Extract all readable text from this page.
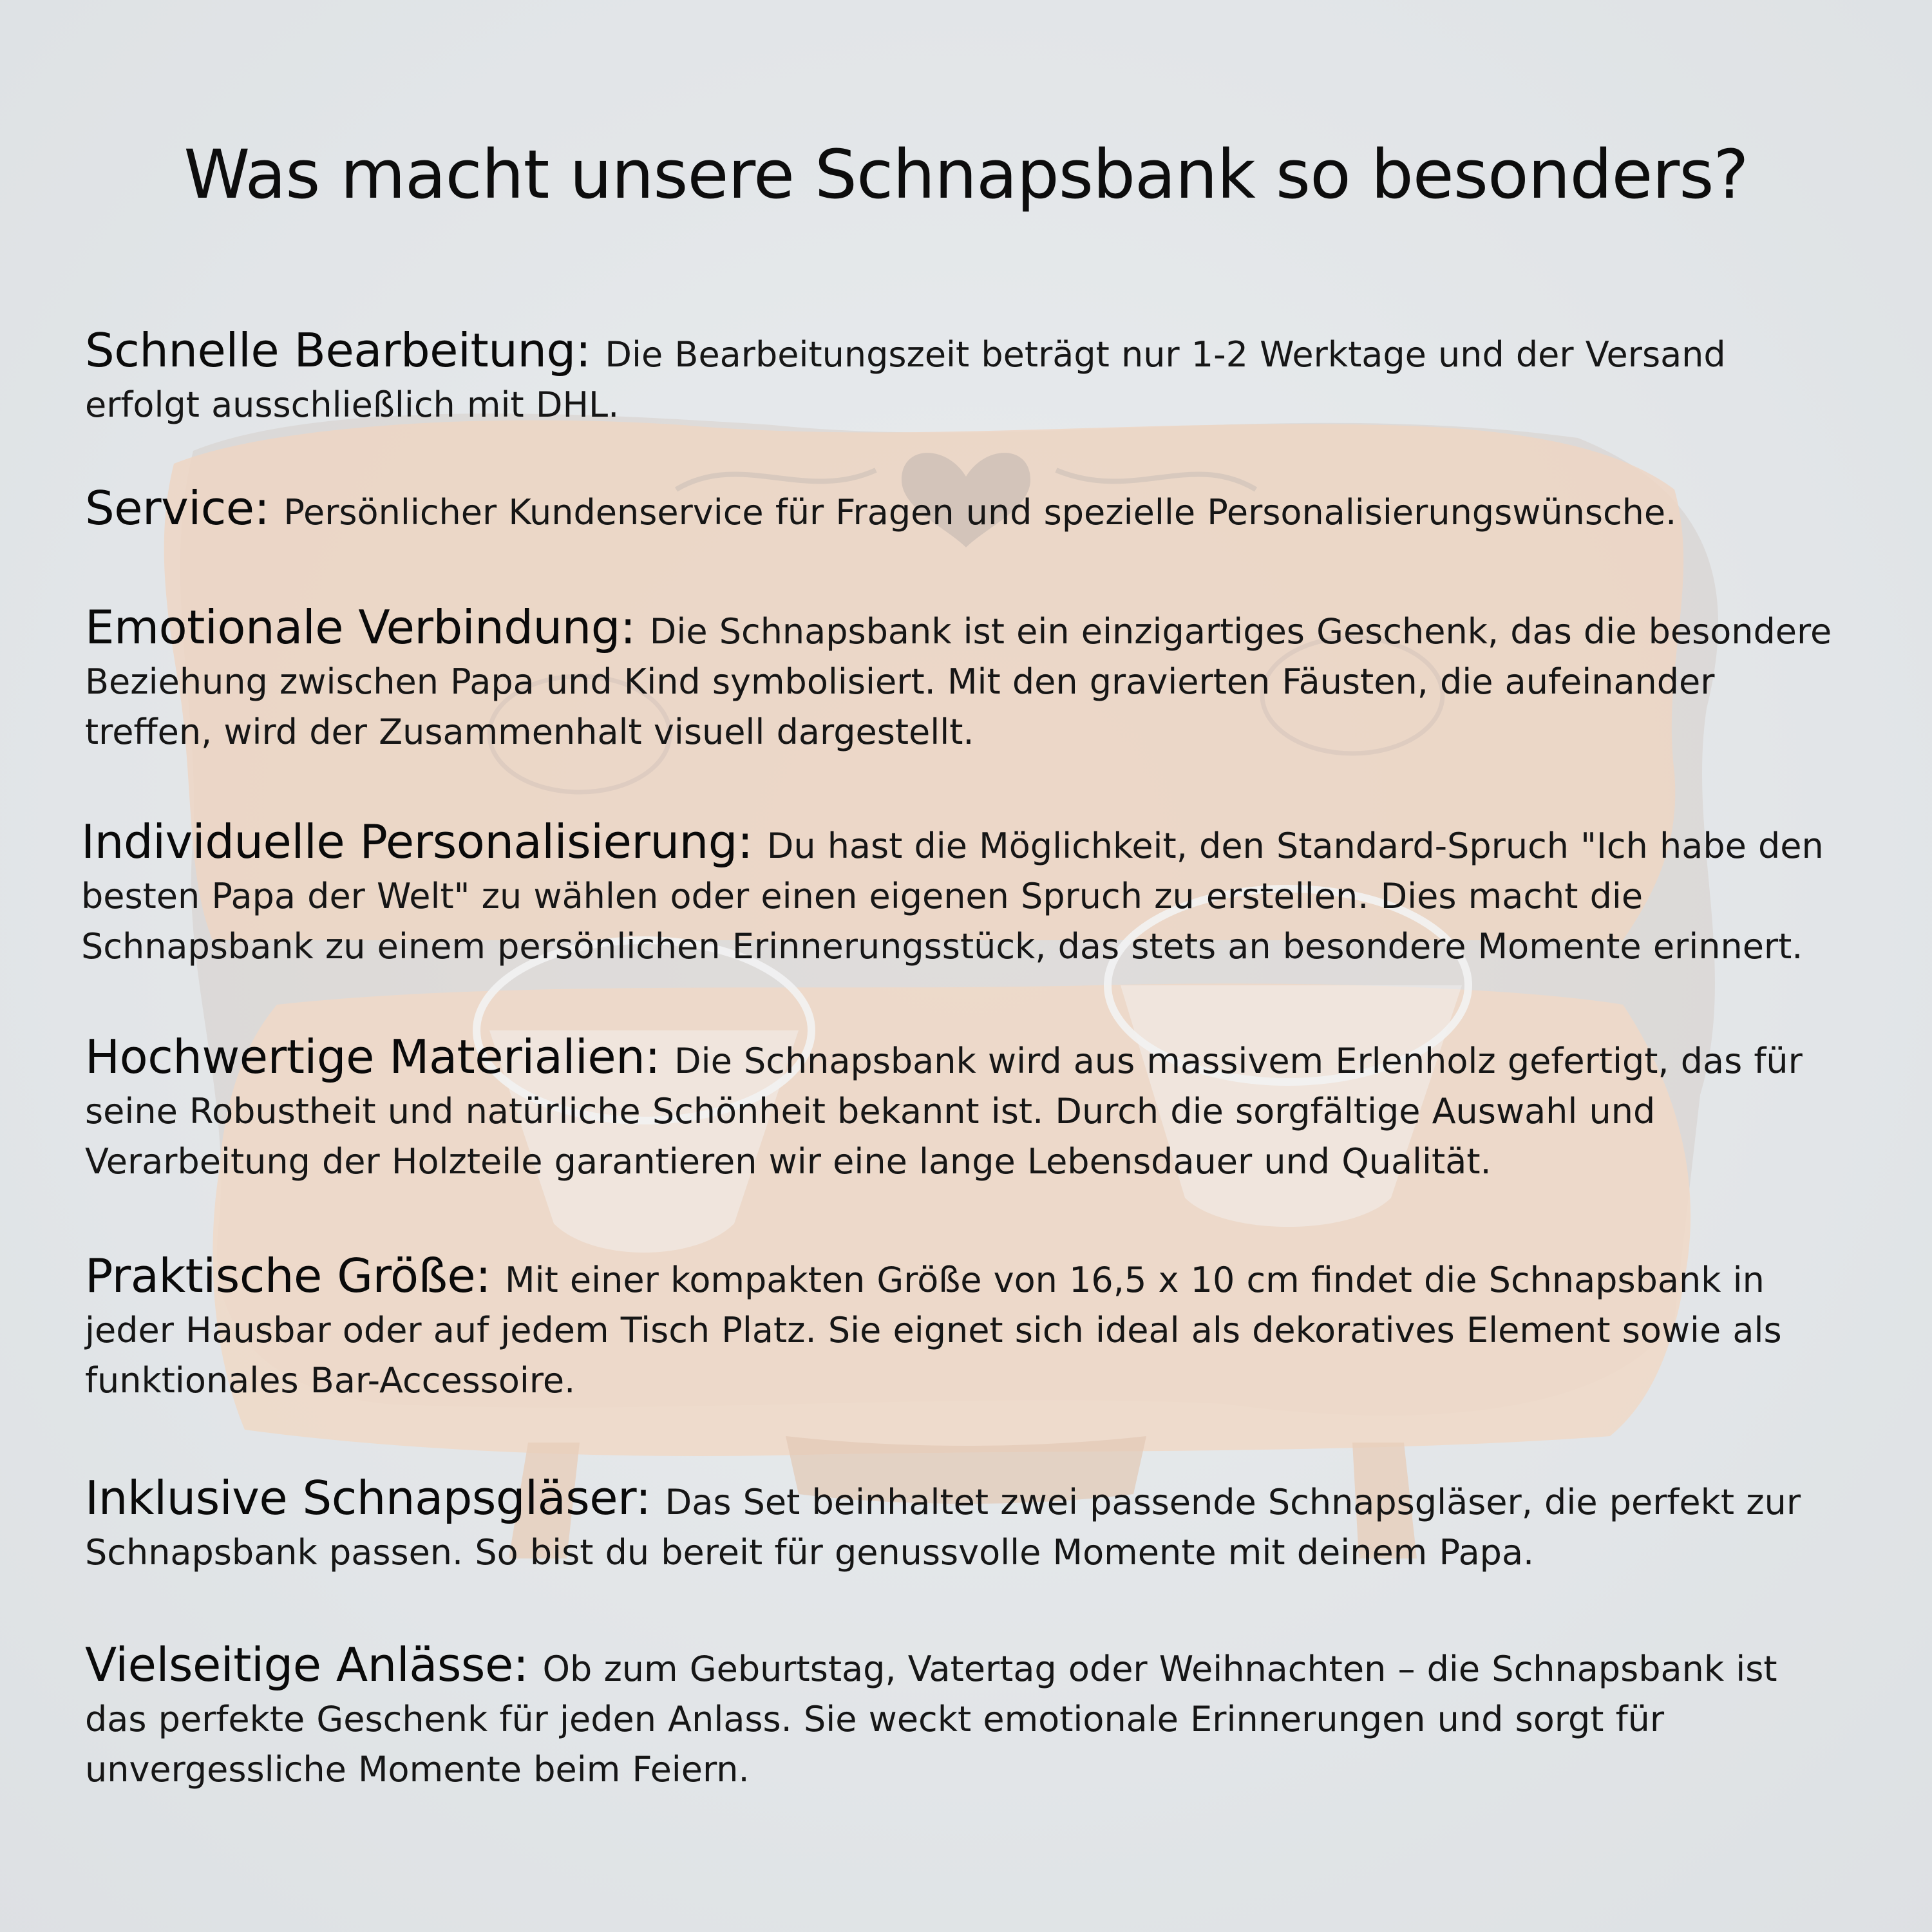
Was macht unsere Schnapsbank so besonders?

Schnelle Bearbeitung: Die Bearbeitungszeit beträgt nur 1-2 Werktage und der Versand erfolgt ausschließlich mit DHL.

Service: Persönlicher Kundenservice für Fragen und spezielle Personalisierungswünsche.

Emotionale Verbindung: Die Schnapsbank ist ein einzigartiges Geschenk, das die besondere Beziehung zwischen Papa und Kind symbolisiert. Mit den gravierten Fäusten, die aufeinander treffen, wird der Zusammenhalt visuell dargestellt.

Individuelle Personalisierung: Du hast die Möglichkeit, den Standard-Spruch "Ich habe den besten Papa der Welt" zu wählen oder einen eigenen Spruch zu erstellen. Dies macht die Schnapsbank zu einem persönlichen Erinnerungsstück, das stets an besondere Momente erinnert.

Hochwertige Materialien: Die Schnapsbank wird aus massivem Erlenholz gefertigt, das für seine Robustheit und natürliche Schönheit bekannt ist. Durch die sorgfältige Auswahl und Verarbeitung der Holzteile garantieren wir eine lange Lebensdauer und Qualität.

Praktische Größe: Mit einer kompakten Größe von 16,5 x 10 cm findet die Schnapsbank in jeder Hausbar oder auf jedem Tisch Platz. Sie eignet sich ideal als dekoratives Element sowie als funktionales Bar-Accessoire.

Inklusive Schnapsgläser: Das Set beinhaltet zwei passende Schnapsgläser, die perfekt zur Schnapsbank passen. So bist du bereit für genussvolle Momente mit deinem Papa.

Vielseitige Anlässe: Ob zum Geburtstag, Vatertag oder Weihnachten – die Schnapsbank ist das perfekte Geschenk für jeden Anlass. Sie weckt emotionale Erinnerungen und sorgt für unvergessliche Momente beim Feiern.
